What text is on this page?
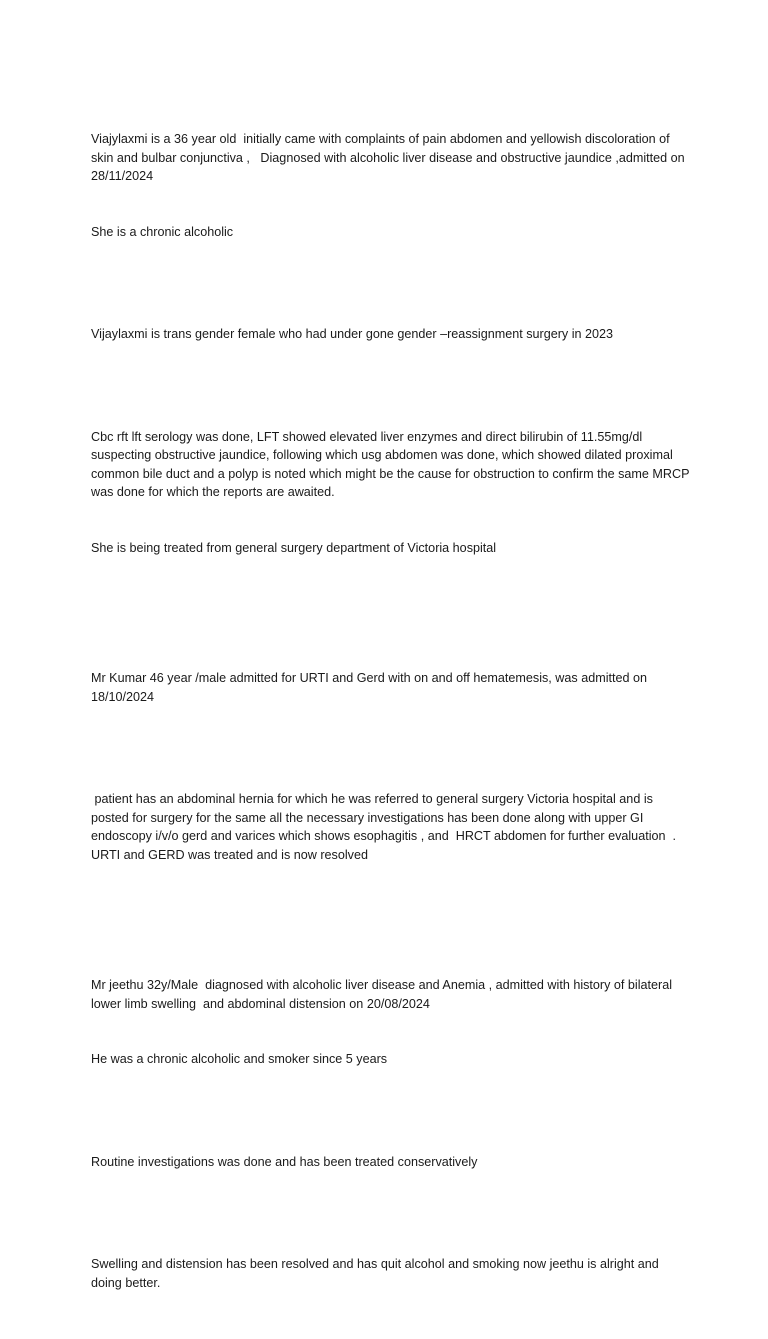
Viajylaxmi is a 36 year old  initially came with complaints of pain abdomen and yellowish discoloration of skin and bulbar conjunctiva ,   Diagnosed with alcoholic liver disease and obstructive jaundice ,admitted on 28/11/2024

She is a chronic alcoholic

Vijaylaxmi is trans gender female who had under gone gender –reassignment surgery in 2023

Cbc rft lft serology was done, LFT showed elevated liver enzymes and direct bilirubin of 11.55mg/dl suspecting obstructive jaundice, following which usg abdomen was done, which showed dilated proximal common bile duct and a polyp is noted which might be the cause for obstruction to confirm the same MRCP was done for which the reports are awaited.

She is being treated from general surgery department of Victoria hospital

Mr Kumar 46 year /male admitted for URTI and Gerd with on and off hematemesis, was admitted on 18/10/2024

patient has an abdominal hernia for which he was referred to general surgery Victoria hospital and is posted for surgery for the same all the necessary investigations has been done along with upper GI endoscopy i/v/o gerd and varices which shows esophagitis , and  HRCT abdomen for further evaluation  . URTI and GERD was treated and is now resolved

Mr jeethu 32y/Male  diagnosed with alcoholic liver disease and Anemia , admitted with history of bilateral lower limb swelling  and abdominal distension on 20/08/2024

He was a chronic alcoholic and smoker since 5 years

Routine investigations was done and has been treated conservatively

Swelling and distension has been resolved and has quit alcohol and smoking now jeethu is alright and doing better.
